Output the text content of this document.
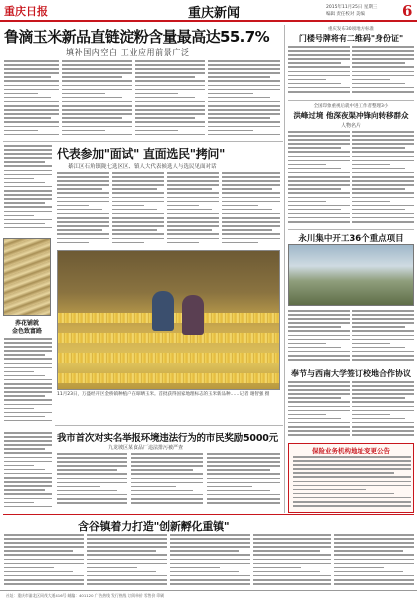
重庆日报	重庆新闻	2015年11月25日 星期三
编辑 责任校对 美编 6
鲁滴玉米新品直链淀粉含量最高达55.7%
填补国内空白 工业应用前景广泛
重庆发布30项地方标准
门楼号牌将有二维码"身份证"
荞花铺就
金色致富路
代表参加"面试" 直面选民"拷问"
綦江区石角镇陇七选区区、镇人大代表候选人与选民见面对话
11月23日，万盛经开区金桥镇种植户在晾晒玉米。首批获得国家地理标志的玉米新品种……记者 谢智强 摄
全国印象重视后就中进工作者整理3小
洪峰过境 他深夜渠冲锋向转移群众
人物名片
永川集中开工36个重点项目
奉节与西南大学签订校地合作协议
保险业务机构地址变更公告
我市首次对实名举报环境违法行为的市民奖励5000元
九龙坡区某食品厂违法排污被严查
含谷镇着力打造"创新孵化重镇"
社址：重庆市渝北区同茂大道416号 邮编：401120 广告热线 发行热线 订阅单价 零售价 印刷
